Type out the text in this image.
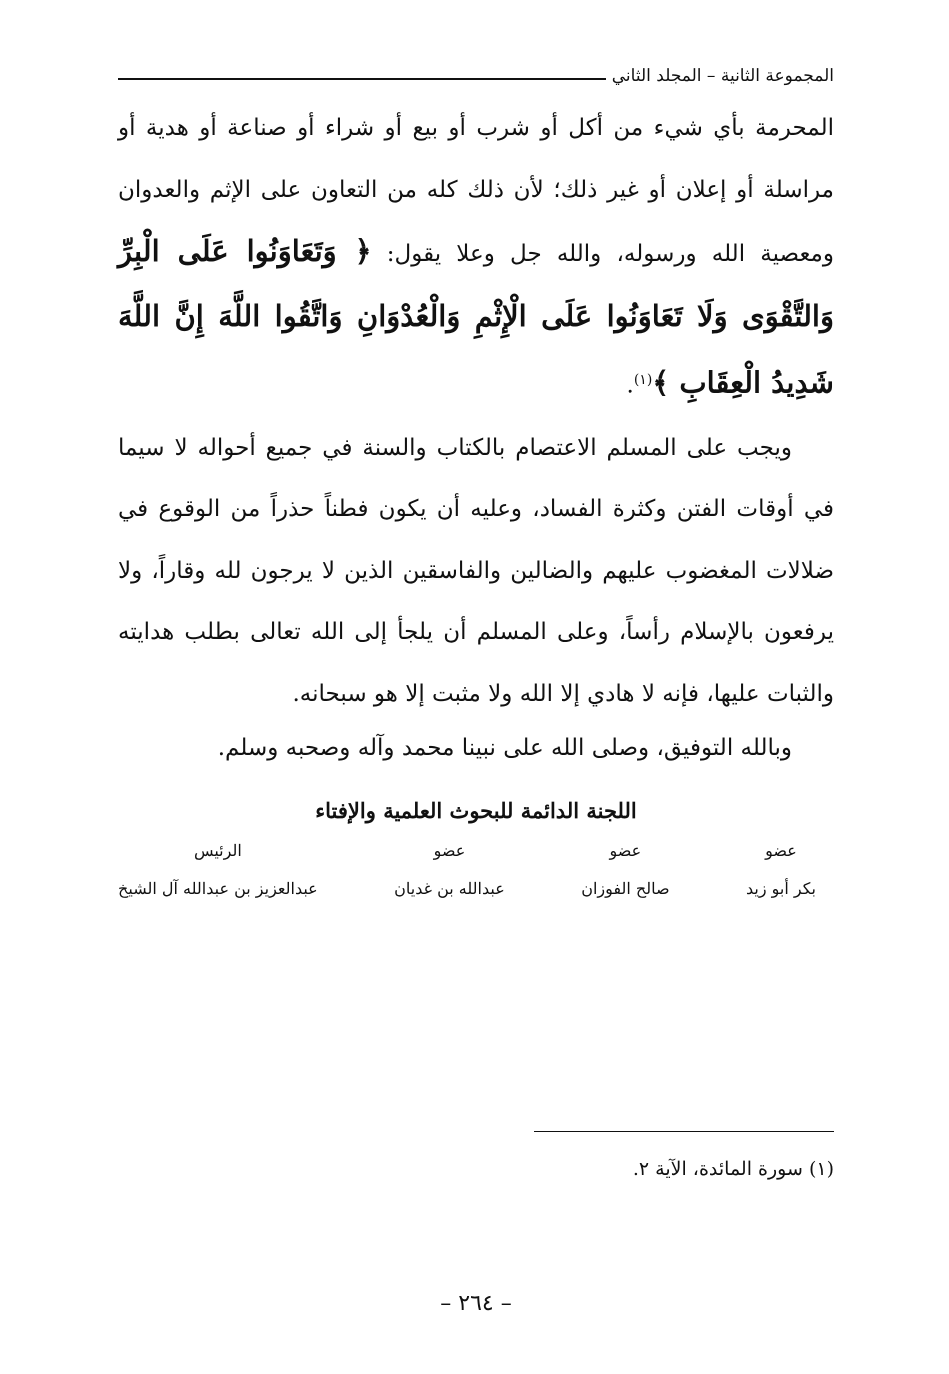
المجموعة الثانية – المجلد الثاني

المحرمة بأي شيء من أكل أو شرب أو بيع أو شراء أو صناعة أو هدية أو مراسلة أو إعلان أو غير ذلك؛ لأن ذلك كله من التعاون على الإثم والعدوان ومعصية الله ورسوله، والله جل وعلا يقول: ﴿ وَتَعَاوَنُوا عَلَى الْبِرِّ وَالتَّقْوَى وَلَا تَعَاوَنُوا عَلَى الْإِثْمِ وَالْعُدْوَانِ وَاتَّقُوا اللَّهَ إِنَّ اللَّهَ شَدِيدُ الْعِقَابِ ﴾$^{(١)}$.

ويجب على المسلم الاعتصام بالكتاب والسنة في جميع أحواله لا سيما في أوقات الفتن وكثرة الفساد، وعليه أن يكون فطناً حذراً من الوقوع في ضلالات المغضوب عليهم والضالين والفاسقين الذين لا يرجون لله وقاراً، ولا يرفعون بالإسلام رأساً، وعلى المسلم أن يلجأ إلى الله تعالى بطلب هدايته والثبات عليها، فإنه لا هادي إلا الله ولا مثبت إلا هو سبحانه.

وبالله التوفيق، وصلى الله على نبينا محمد وآله وصحبه وسلم.

اللجنة الدائمة للبحوث العلمية والإفتاء
عضو
بكر أبو زيد
عضو
صالح الفوزان
عضو
عبدالله بن غديان
الرئيس
عبدالعزيز بن عبدالله آل الشيخ
(١) سورة المائدة، الآية ٢.
– ٢٦٤ –
